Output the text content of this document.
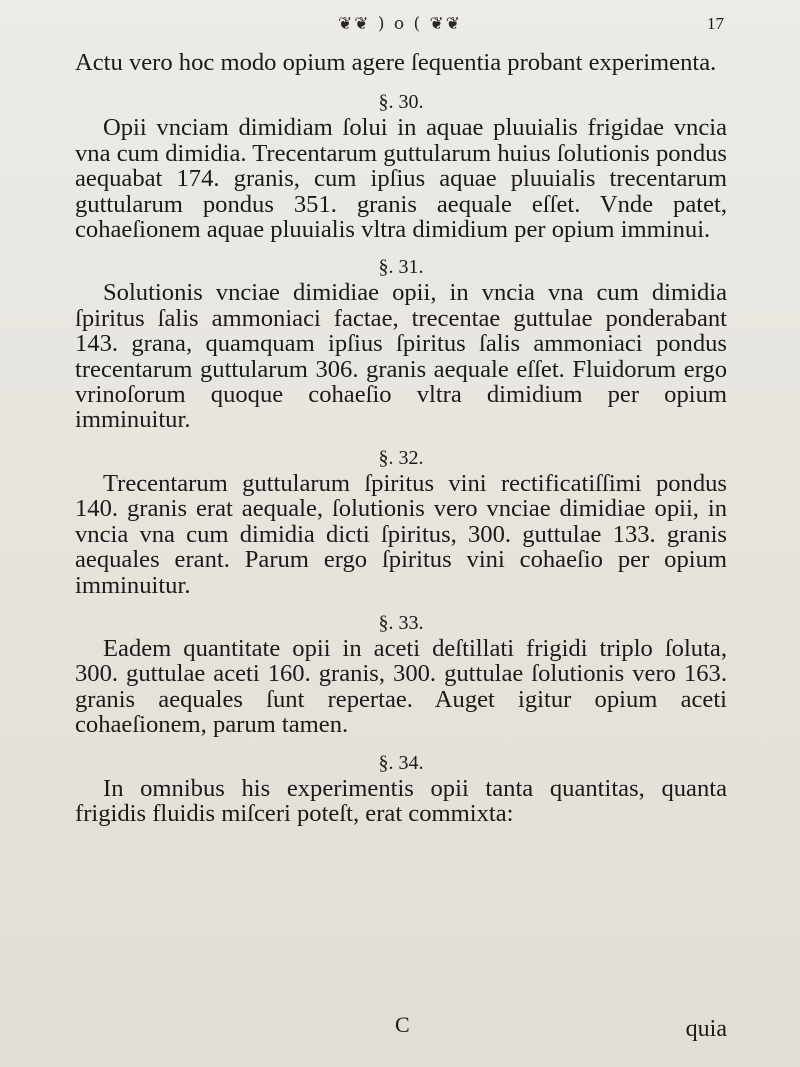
❦❦ ) o ( ❦❦	17

Actu vero hoc modo opium agere ſequentia probant experimenta.

§. 30.

Opii vnciam dimidiam ſolui in aquae pluuialis frigidae vncia vna cum dimidia. Trecentarum guttularum huius ſolutionis pondus aequabat 174. granis, cum ipſius aquae pluuialis trecentarum guttularum pondus 351. granis aequale eſſet. Vnde patet, cohaeſionem aquae pluuialis vltra dimidium per opium imminui.

§. 31.

Solutionis vnciae dimidiae opii, in vncia vna cum dimidia ſpiritus ſalis ammoniaci factae, trecentae guttulae ponderabant 143. grana, quamquam ipſius ſpiritus ſalis ammoniaci pondus trecentarum guttularum 306. granis aequale eſſet. Fluidorum ergo vrinoſorum quoque cohaeſio vltra dimidium per opium imminuitur.

§. 32.

Trecentarum guttularum ſpiritus vini rectificatiſſimi pondus 140. granis erat aequale, ſolutionis vero vnciae dimidiae opii, in vncia vna cum dimidia dicti ſpiritus, 300. guttulae 133. granis aequales erant. Parum ergo ſpiritus vini cohaeſio per opium imminuitur.

§. 33.

Eadem quantitate opii in aceti deſtillati frigidi triplo ſoluta, 300. guttulae aceti 160. granis, 300. guttulae ſolutionis vero 163. granis aequales ſunt repertae. Auget igitur opium aceti cohaeſionem, parum tamen.

§. 34.

In omnibus his experimentis opii tanta quantitas, quanta frigidis fluidis miſceri poteſt, erat commixta:

C	quia
